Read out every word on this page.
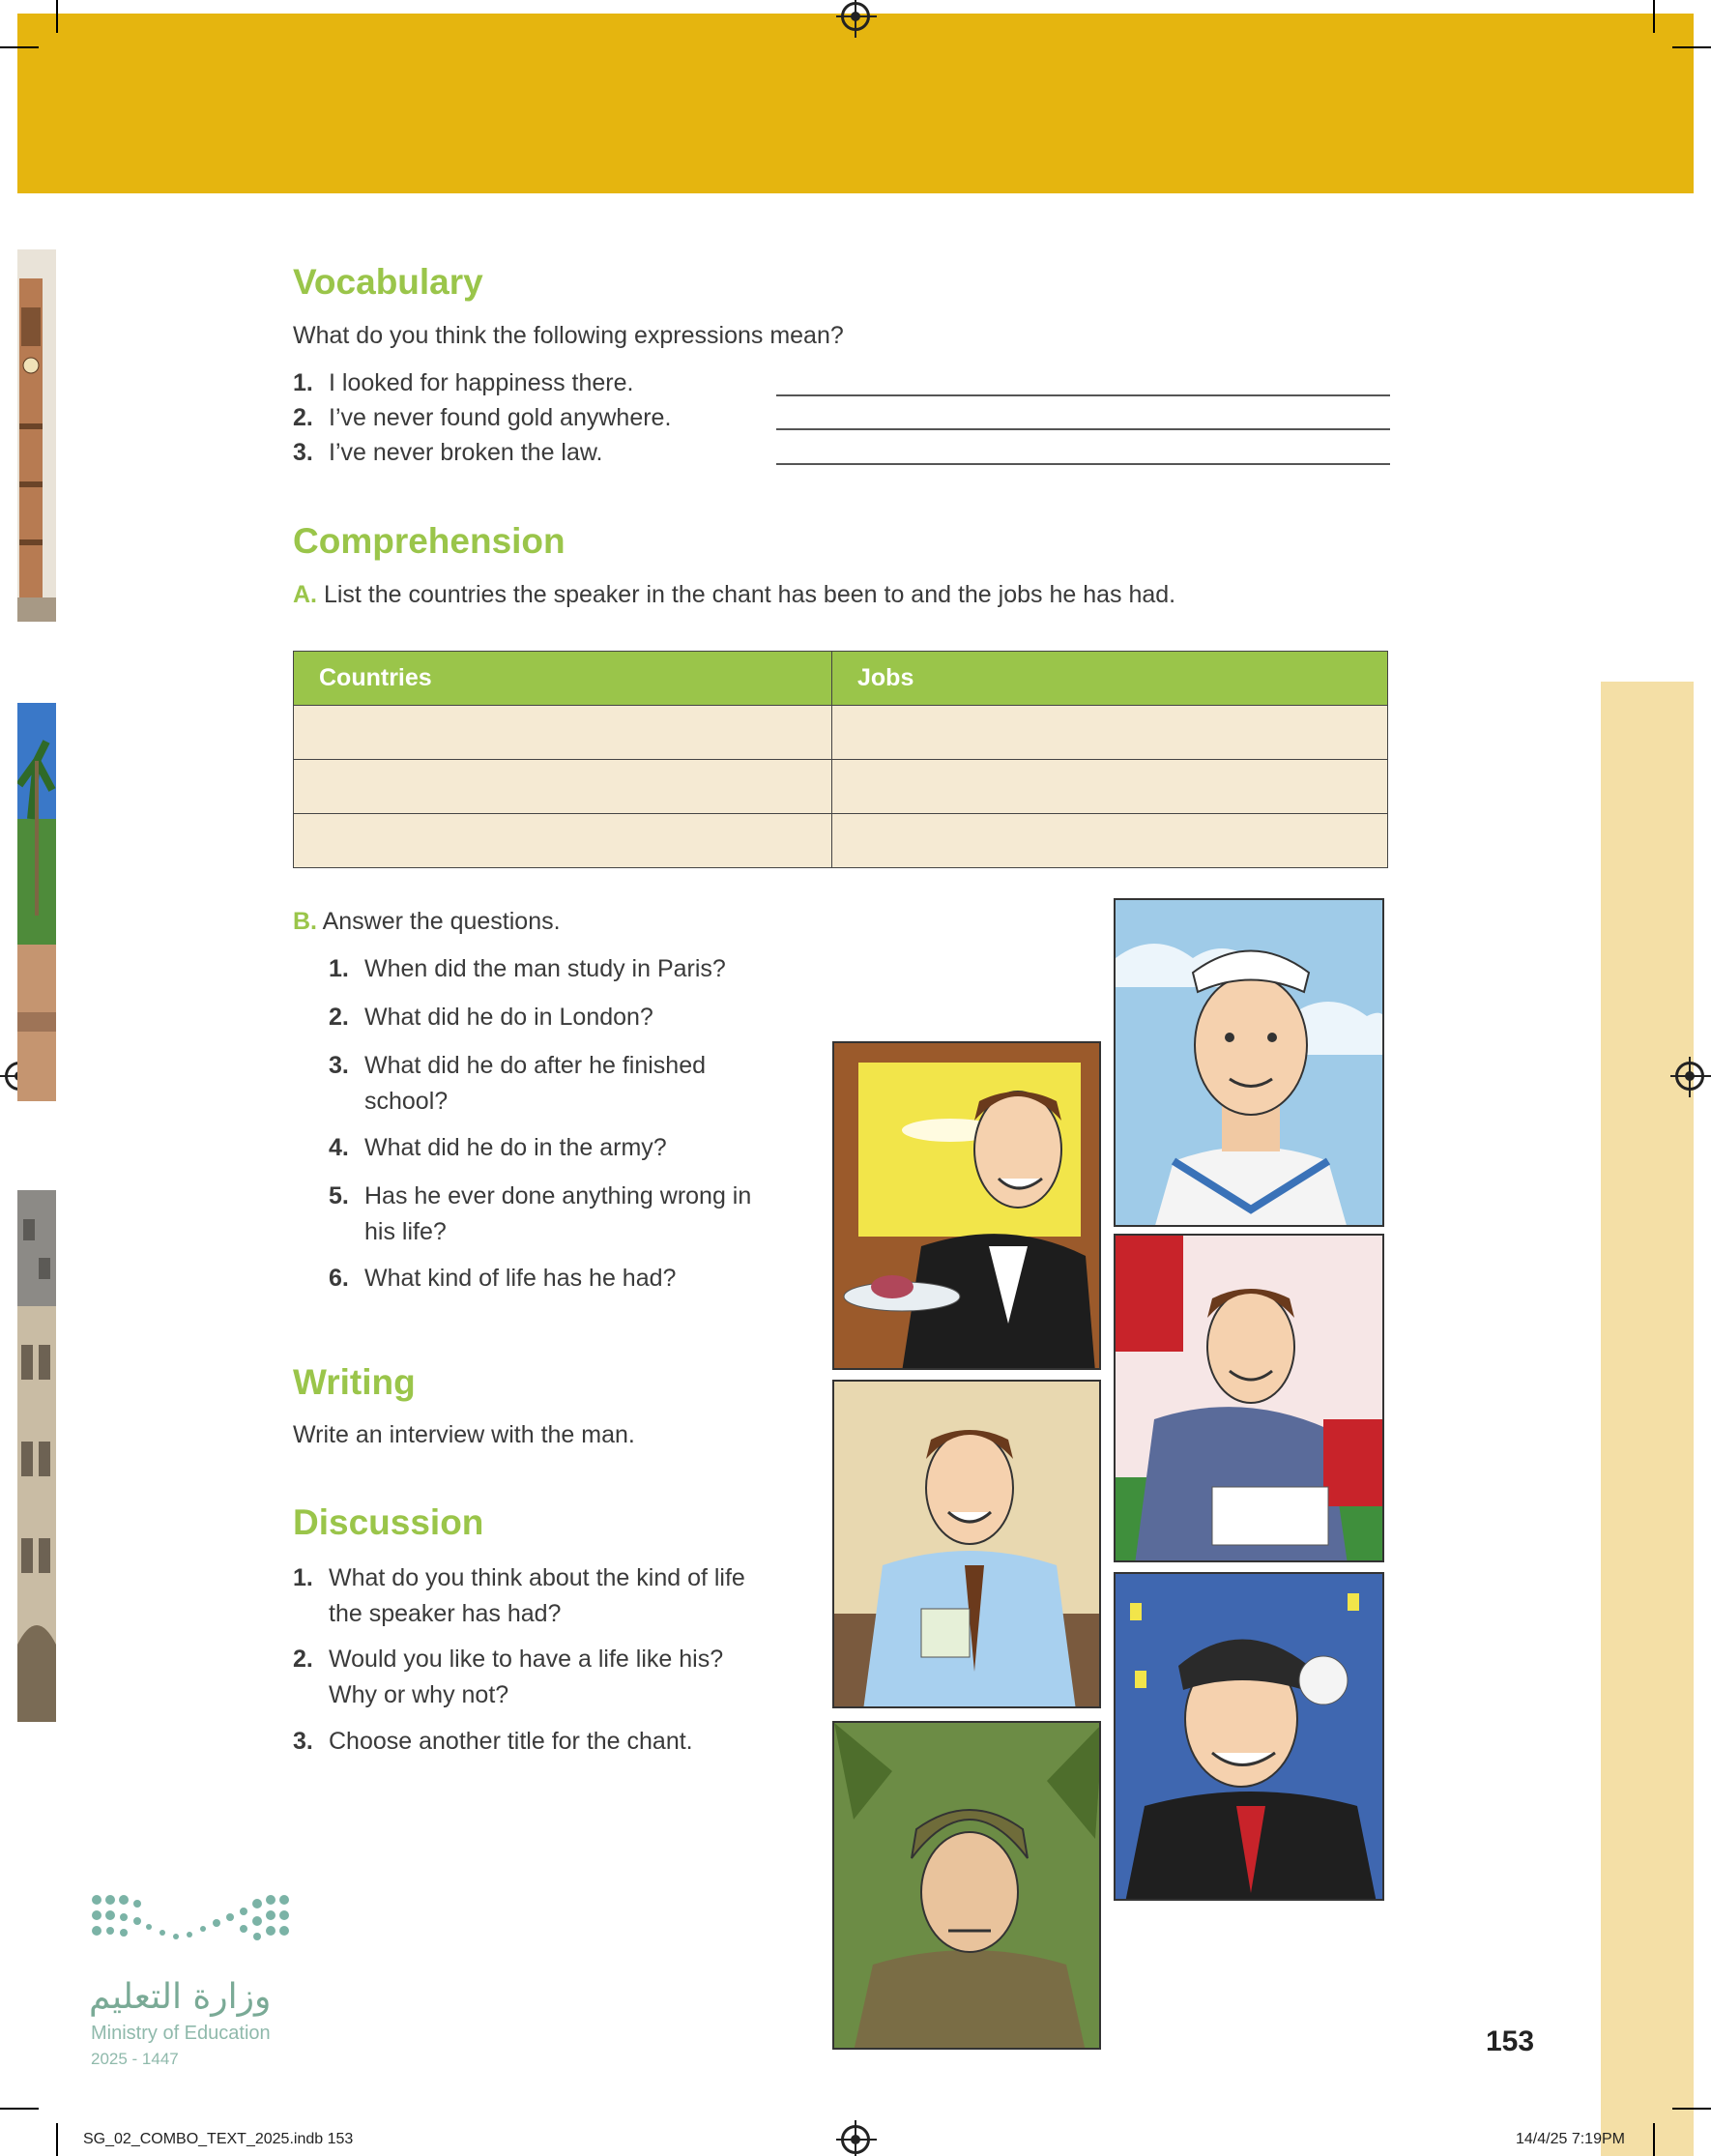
Vocabulary
What do you think the following expressions mean?
1. I looked for happiness there.
2. I’ve never found gold anywhere.
3. I’ve never broken the law.
Comprehension
A. List the countries the speaker in the chant has been to and the jobs he has had.
Countries	Jobs

B. Answer the questions.
1. When did the man study in Paris?
2. What did he do in London?
3. What did he do after he finished
school?
4. What did he do in the army?
5. Has he ever done anything wrong in
his life?
6. What kind of life has he had?
Writing
Write an interview with the man.
Discussion
1. What do you think about the kind of life
the speaker has had?
2. Would you like to have a life like his?
Why or why not?
3. Choose another title for the chant.
وزارة التعليم
Ministry of Education
2025 - 1447
153
SG_02_COMBO_TEXT_2025.indb 153	14/4/25 7:19PM
